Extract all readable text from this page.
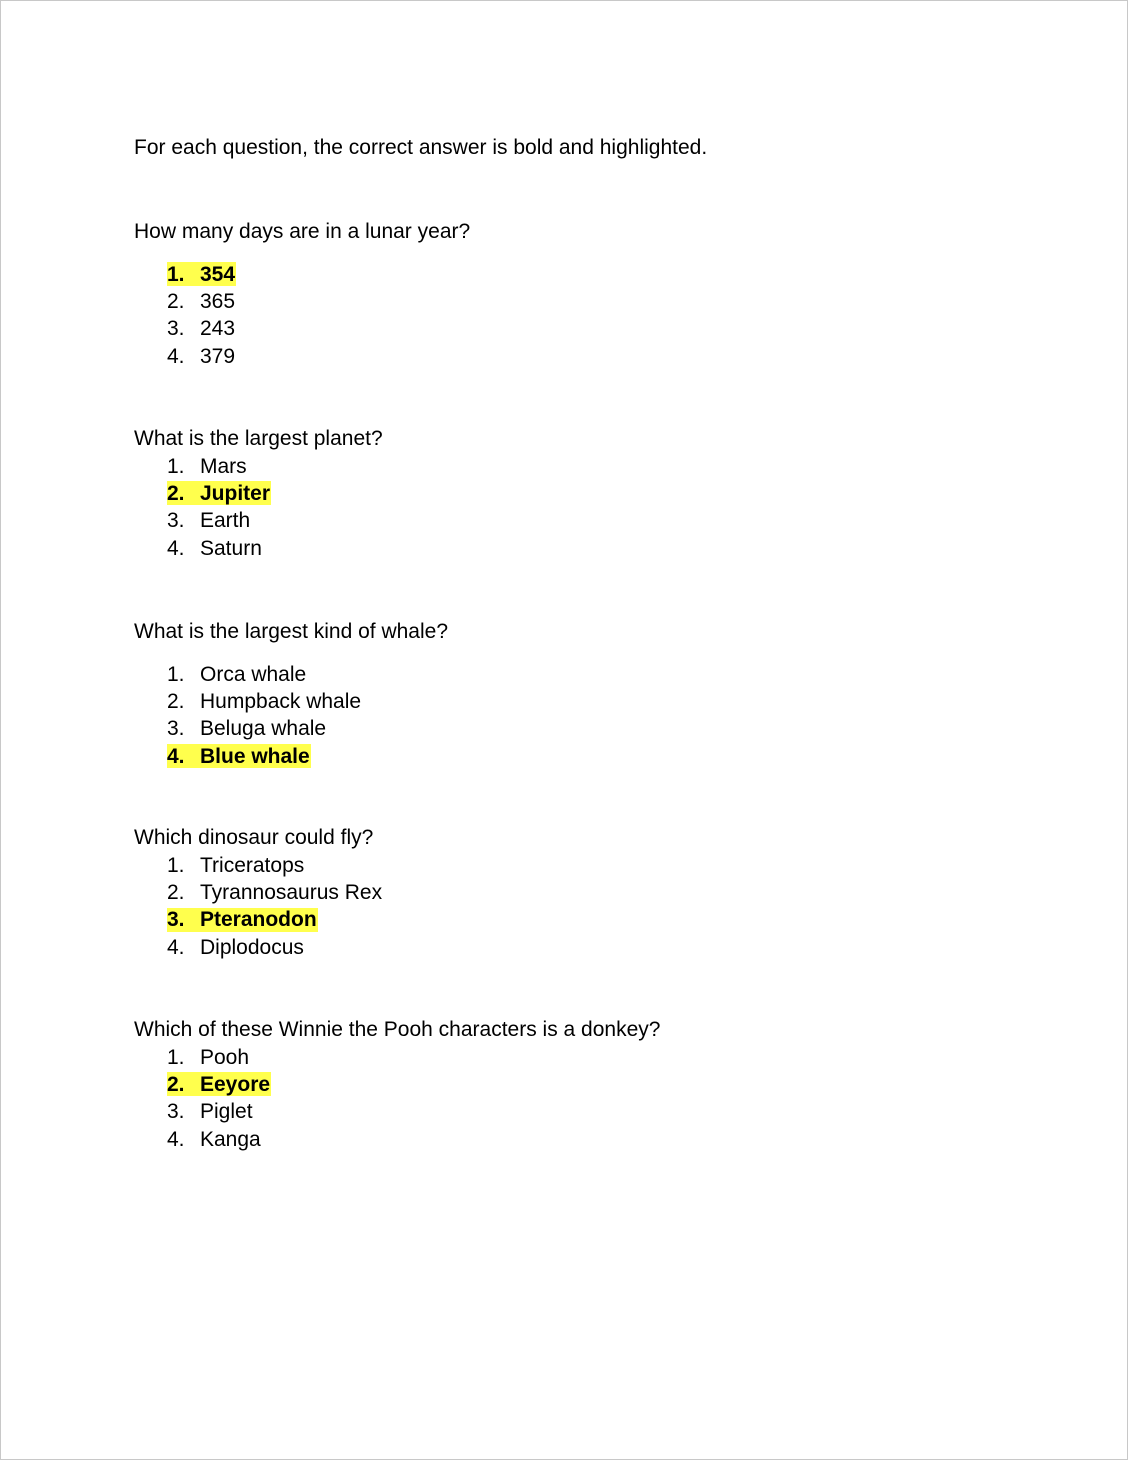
For each question, the correct answer is bold and highlighted.
How many days are in a lunar year?
1. 354
2. 365
3. 243
4. 379
What is the largest planet?
1. Mars
2. Jupiter
3. Earth
4. Saturn
What is the largest kind of whale?
1. Orca whale
2. Humpback whale
3. Beluga whale
4. Blue whale
Which dinosaur could fly?
1. Triceratops
2. Tyrannosaurus Rex
3. Pteranodon
4. Diplodocus
Which of these Winnie the Pooh characters is a donkey?
1. Pooh
2. Eeyore
3. Piglet
4. Kanga
